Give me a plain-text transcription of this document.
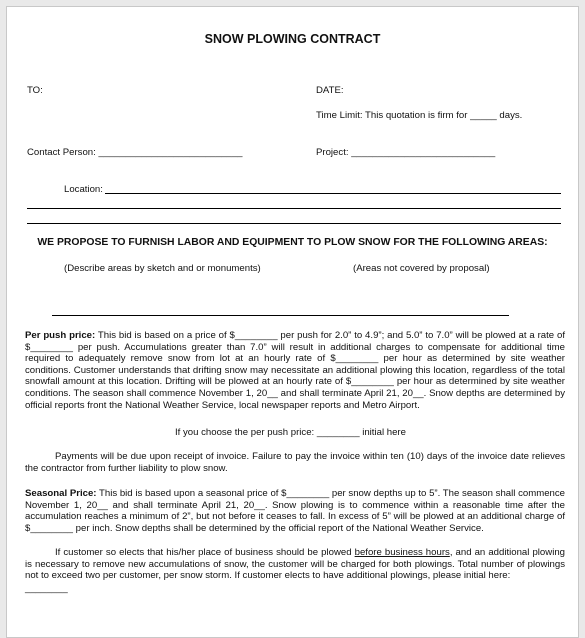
SNOW PLOWING CONTRACT
TO:	DATE:
Time Limit: This quotation is firm for _____ days.
Contact Person: ___________________________	Project: ___________________________
Location:
WE PROPOSE TO FURNISH LABOR AND EQUIPMENT TO PLOW SNOW FOR THE FOLLOWING AREAS:
(Describe areas by sketch and or monuments)	(Areas not covered by proposal)
Per push price: This bid is based on a price of $________ per push for 2.0” to 4.9”; and 5.0” to 7.0” will be plowed at a rate of $________ per push. Accumulations greater than 7.0” will result in additional charges to compensate for additional time required to adequately remove snow from lot at an hourly rate of $________ per hour as determined by site weather conditions. Customer understands that drifting snow may necessitate an additional plowing this location, regardless of the total snowfall amount at this location. Drifting will be plowed at an hourly rate of $________ per hour as determined by site weather conditions. The season shall commence November 1, 20__ and shall terminate April 21, 20__. Snow depths are determined by official reports front the National Weather Service, local newspaper reports and Metro Airport.
If you choose the per push price: ________ initial here
Payments will be due upon receipt of invoice. Failure to pay the invoice within ten (10) days of the invoice date relieves the contractor from further liability to plow snow.
Seasonal Price: This bid is based upon a seasonal price of $________ per snow depths up to 5”. The season shall commence November 1, 20__ and shall terminate April 21, 20__. Snow plowing is to commence within a reasonable time after the accumulation reaches a minimum of 2”, but not before it ceases to fall. In excess of 5” will be plowed at an additional charge of $________ per inch. Snow depths shall be determined by the official report of the National Weather Service.
If customer so elects that his/her place of business should be plowed before business hours, and an additional plowing is necessary to remove new accumulations of snow, the customer will be charged for both plowings. Total number of plowings not to exceed two per customer, per snow storm. If customer elects to have additional plowings, please initial here:
________
